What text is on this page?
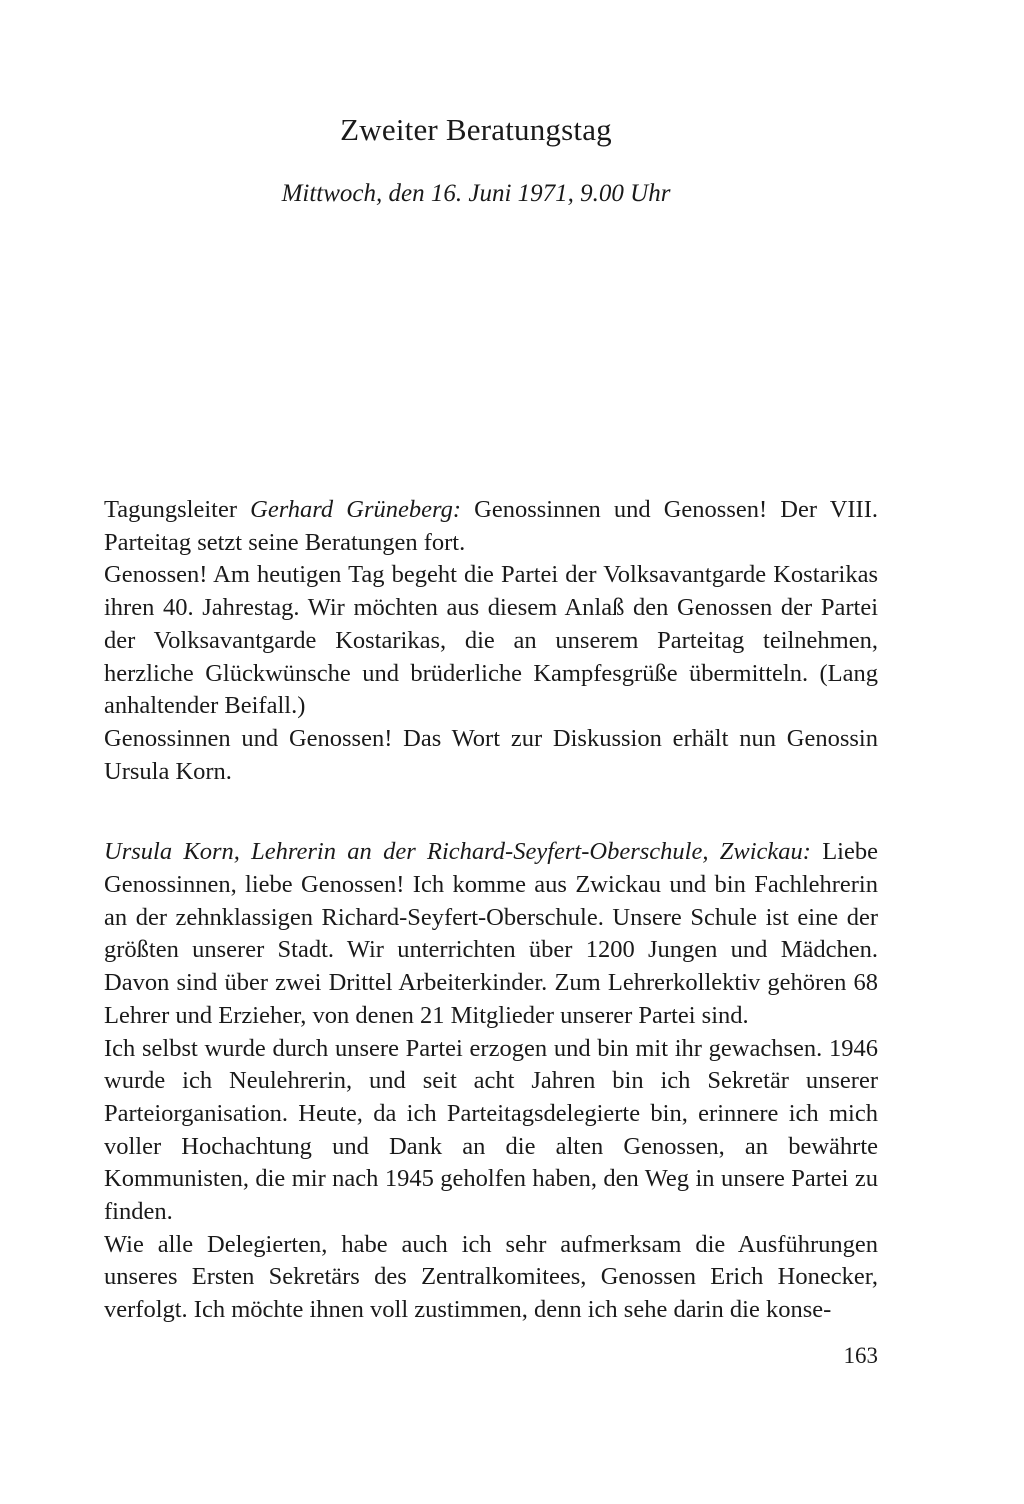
Zweiter Beratungstag
Mittwoch, den 16. Juni 1971, 9.00 Uhr

Tagungsleiter Gerhard Grüneberg: Genossinnen und Genossen! Der VIII. Parteitag setzt seine Beratungen fort.

Genossen! Am heutigen Tag begeht die Partei der Volksavantgarde Kostarikas ihren 40. Jahrestag. Wir möchten aus diesem Anlaß den Genossen der Partei der Volksavantgarde Kostarikas, die an unserem Parteitag teilnehmen, herzliche Glückwünsche und brüderliche Kampfesgrüße übermitteln. (Lang anhaltender Beifall.)

Genossinnen und Genossen! Das Wort zur Diskussion erhält nun Genossin Ursula Korn.

Ursula Korn, Lehrerin an der Richard-Seyfert-Oberschule, Zwickau: Liebe Genossinnen, liebe Genossen! Ich komme aus Zwickau und bin Fachlehrerin an der zehnklassigen Richard-Seyfert-Oberschule. Unsere Schule ist eine der größten unserer Stadt. Wir unterrichten über 1200 Jungen und Mädchen. Davon sind über zwei Drittel Arbeiterkinder. Zum Lehrerkollektiv gehören 68 Lehrer und Erzieher, von denen 21 Mitglieder unserer Partei sind.

Ich selbst wurde durch unsere Partei erzogen und bin mit ihr gewachsen. 1946 wurde ich Neulehrerin, und seit acht Jahren bin ich Sekretär unserer Parteiorganisation. Heute, da ich Parteitagsdelegierte bin, erinnere ich mich voller Hochachtung und Dank an die alten Genossen, an bewährte Kommunisten, die mir nach 1945 geholfen haben, den Weg in unsere Partei zu finden.

Wie alle Delegierten, habe auch ich sehr aufmerksam die Ausführungen unseres Ersten Sekretärs des Zentralkomitees, Genossen Erich Honecker, verfolgt. Ich möchte ihnen voll zustimmen, denn ich sehe darin die konse-

163
